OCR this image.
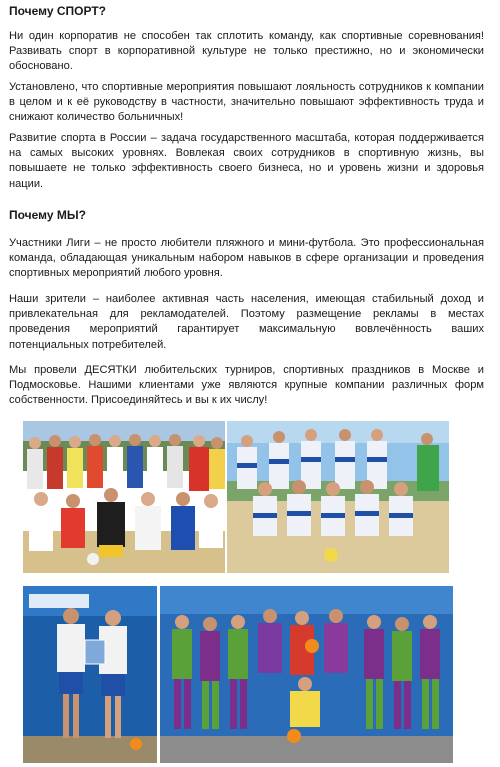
Почему СПОРТ?

Ни один корпоратив не способен так сплотить команду, как спортивные соревнования! Развивать спорт в корпоративной культуре не только престижно, но и экономически обосновано.

Установлено, что спортивные мероприятия повышают лояльность сотрудников к компании в целом и к её руководству в частности, значительно повышают эффективность труда и снижают количество больничных!

Развитие спорта в России – задача государственного масштаба, которая поддерживается на самых высоких уровнях. Вовлекая своих сотрудников в спортивную жизнь, вы повышаете не только эффективность своего бизнеса, но и уровень жизни и здоровья нации.

Почему МЫ?

Участники Лиги – не просто любители пляжного и мини-футбола. Это профессиональная команда, обладающая уникальным набором навыков в сфере организации и проведения спортивных мероприятий любого уровня.

Наши зрители – наиболее активная часть населения, имеющая стабильный доход и привлекательная для рекламодателей. Поэтому размещение рекламы в местах проведения мероприятий гарантирует максимальную вовлечённость ваших потенциальных потребителей.

Мы провели ДЕСЯТКИ любительских турниров, спортивных праздников в Москве и Подмосковье. Нашими клиентами уже являются крупные компании различных форм собственности. Присоединяйтесь и вы к их числу!
